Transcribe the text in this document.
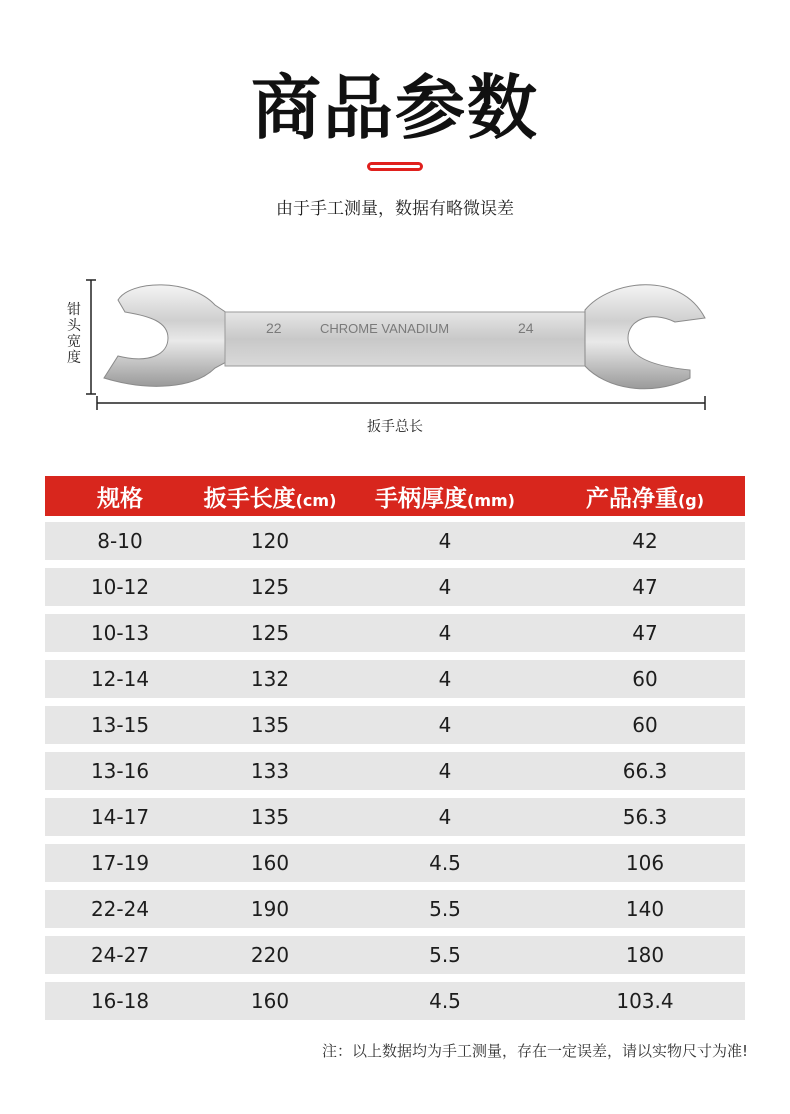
商品参数
由于手工测量，数据有略微误差
22	CHROME VANADIUM	24
钳头宽度
扳手总长
规格	扳手长度(cm)	手柄厚度(mm)	产品净重(g)
8-10	120	4	42
10-12	125	4	47
10-13	125	4	47
12-14	132	4	60
13-15	135	4	60
13-16	133	4	66.3
14-17	135	4	56.3
17-19	160	4.5	106
22-24	190	5.5	140
24-27	220	5.5	180
16-18	160	4.5	103.4
注：以上数据均为手工测量，存在一定误差，请以实物尺寸为准!
